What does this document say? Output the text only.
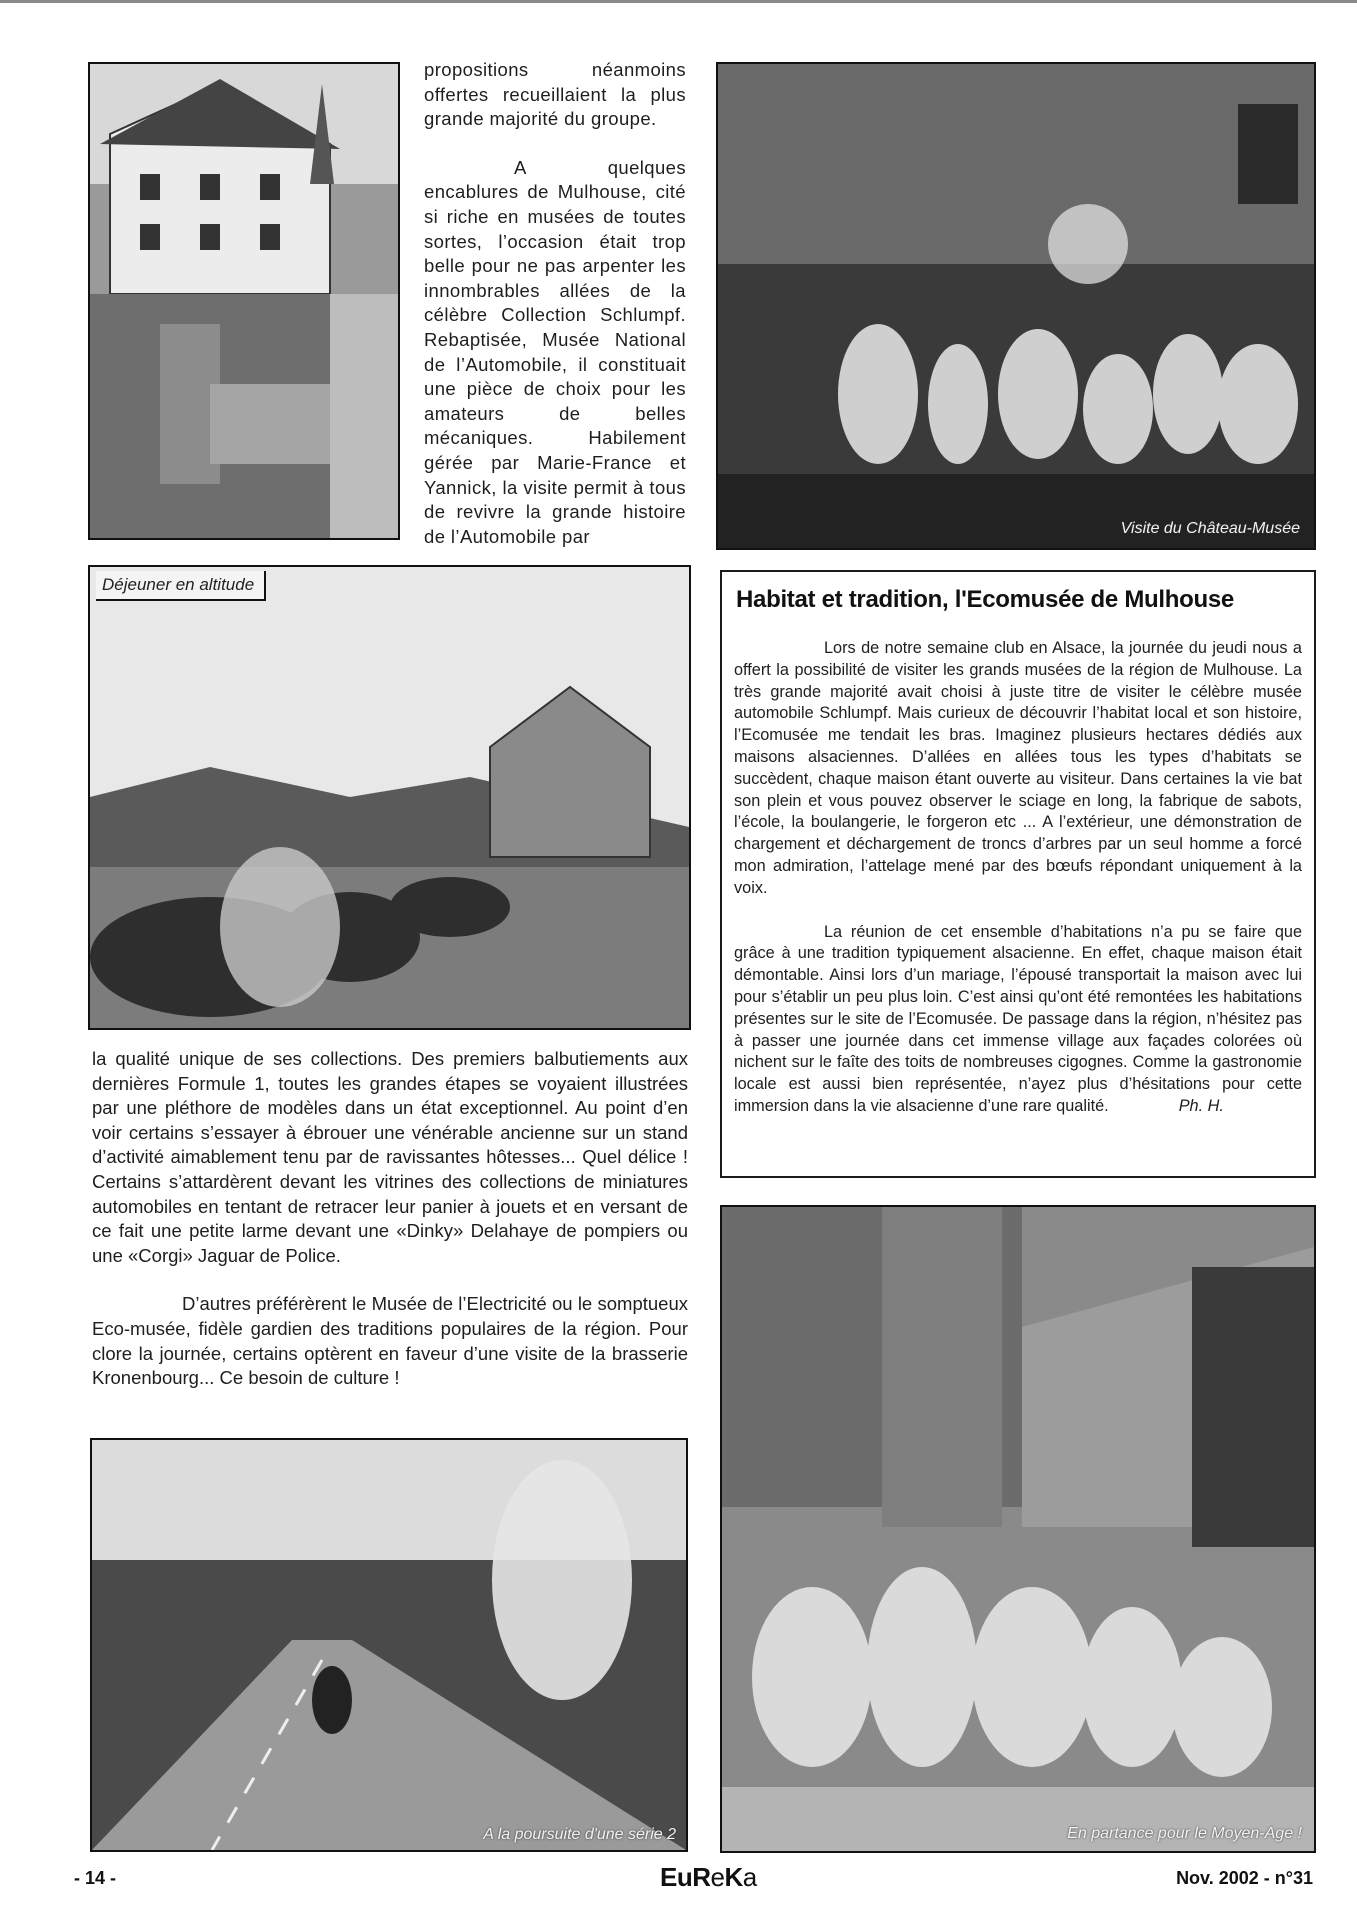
propositions néanmoins offertes recueillaient la plus grande majorité du groupe.

A quelques encablures de Mulhouse, cité si riche en musées de toutes sortes, l’occasion était trop belle pour ne pas arpenter les innombrables allées de la célèbre Collection Schlumpf. Rebaptisée, Musée National de l’Automobile, il constituait une pièce de choix pour les amateurs de belles mécaniques. Habilement gérée par Marie-France et Yannick, la visite permit à tous de revivre la grande histoire de l’Automobile par	Visite du Château-Musée
Déjeuner en altitude
Habitat et tradition, l'Ecomusée de Mulhouse

Lors de notre semaine club en Alsace, la journée du jeudi nous a offert la possibilité de visiter les grands musées de la région de Mulhouse. La très grande majorité avait choisi à juste titre de visiter le célèbre musée automobile Schlumpf. Mais curieux de découvrir l’habitat local et son histoire, l’Ecomusée me tendait les bras. Imaginez plusieurs hectares dédiés aux maisons alsaciennes. D’allées en allées tous les types d’habitats se succèdent, chaque maison étant ouverte au visiteur. Dans certaines la vie bat son plein et vous pouvez observer le sciage en long, la fabrique de sabots, l’école, la boulangerie, le forgeron etc ... A l’extérieur, une démonstration de chargement et déchargement de troncs d’arbres par un seul homme a forcé mon admiration, l’attelage mené par des bœufs répondant uniquement à la voix.

La réunion de cet ensemble d’habitations n’a pu se faire que grâce à une tradition typiquement alsacienne. En effet, chaque maison était démontable. Ainsi lors d’un mariage, l’épousé transportait la maison avec lui pour s’établir un peu plus loin. C’est ainsi qu’ont été remontées les habitations présentes sur le site de l’Ecomusée. De passage dans la région, n’hésitez pas à passer une journée dans cet immense village aux façades colorées où nichent sur le faîte des toits de nombreuses cigognes. Comme la gastronomie locale est aussi bien représentée, n’ayez plus d’hésitations pour cette immersion dans la vie alsacienne d’une rare qualité.	Ph. H.

la qualité unique de ses collections. Des premiers balbutiements aux dernières Formule 1, toutes les grandes étapes se voyaient illustrées par une pléthore de modèles dans un état exceptionnel. Au point d’en voir certains s’essayer à ébrouer une vénérable ancienne sur un stand d’activité aimablement tenu par de ravissantes hôtesses... Quel délice ! Certains s’attardèrent devant les vitrines des collections de miniatures automobiles en tentant de retracer leur panier à jouets et en versant de ce fait une petite larme devant une «Dinky» Delahaye de pompiers ou une «Corgi» Jaguar de Police.

D’autres préférèrent le Musée de l’Electricité ou le somptueux Eco-musée, fidèle gardien des traditions populaires de la région. Pour clore la journée, certains optèrent en faveur d’une visite de la brasserie Kronenbourg... Ce besoin de culture !

A la poursuite d'une série 2	En partance pour le Moyen-Age !
- 14 -	EuReKa	Nov. 2002 - n°31
